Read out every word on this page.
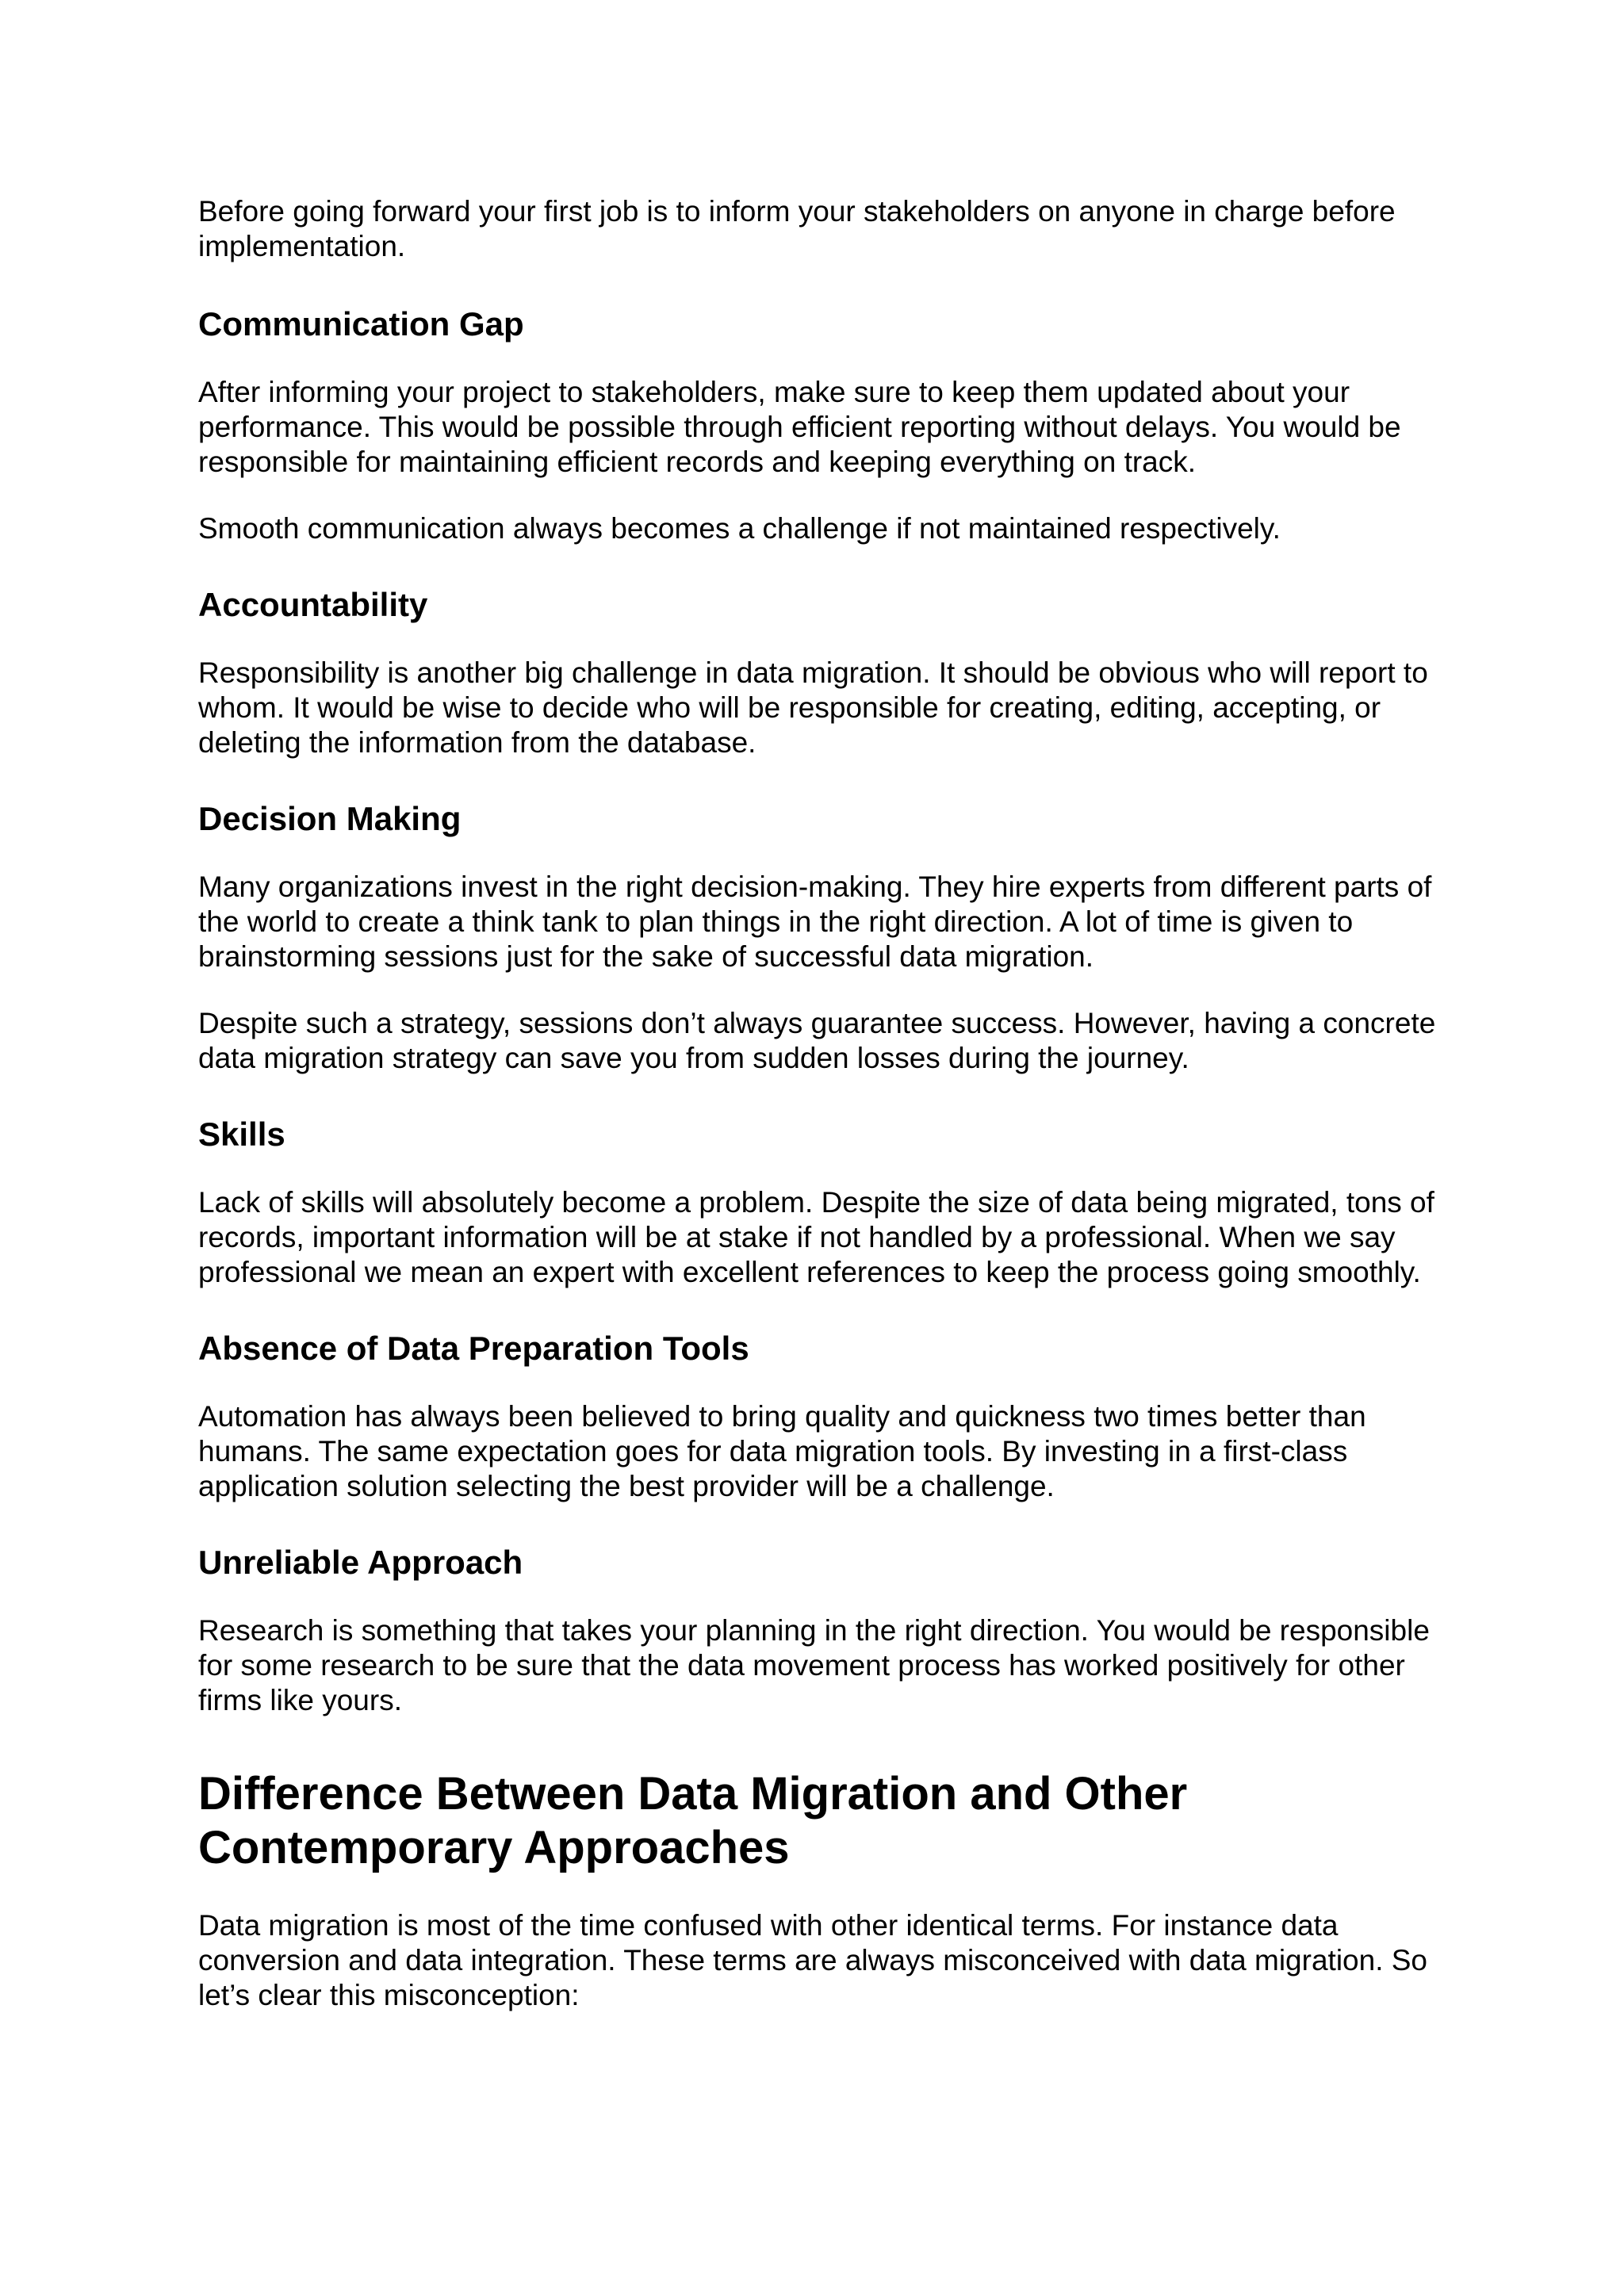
Before going forward your first job is to inform your stakeholders on anyone in charge before implementation.

Communication Gap

After informing your project to stakeholders, make sure to keep them updated about your performance. This would be possible through efficient reporting without delays. You would be responsible for maintaining efficient records and keeping everything on track.

Smooth communication always becomes a challenge if not maintained respectively.

Accountability

Responsibility is another big challenge in data migration. It should be obvious who will report to whom. It would be wise to decide who will be responsible for creating, editing, accepting, or deleting the information from the database.

Decision Making

Many organizations invest in the right decision-making. They hire experts from different parts of the world to create a think tank to plan things in the right direction. A lot of time is given to brainstorming sessions just for the sake of successful data migration.

Despite such a strategy, sessions don’t always guarantee success. However, having a concrete data migration strategy can save you from sudden losses during the journey.

Skills

Lack of skills will absolutely become a problem. Despite the size of data being migrated, tons of records, important information will be at stake if not handled by a professional. When we say professional we mean an expert with excellent references to keep the process going smoothly.

Absence of Data Preparation Tools

Automation has always been believed to bring quality and quickness two times better than humans. The same expectation goes for data migration tools. By investing in a first-class application solution selecting the best provider will be a challenge.

Unreliable Approach

Research is something that takes your planning in the right direction. You would be responsible for some research to be sure that the data movement process has worked positively for other firms like yours.

Difference Between Data Migration and Other Contemporary Approaches

Data migration is most of the time confused with other identical terms. For instance data conversion and data integration. These terms are always misconceived with data migration. So let’s clear this misconception:
